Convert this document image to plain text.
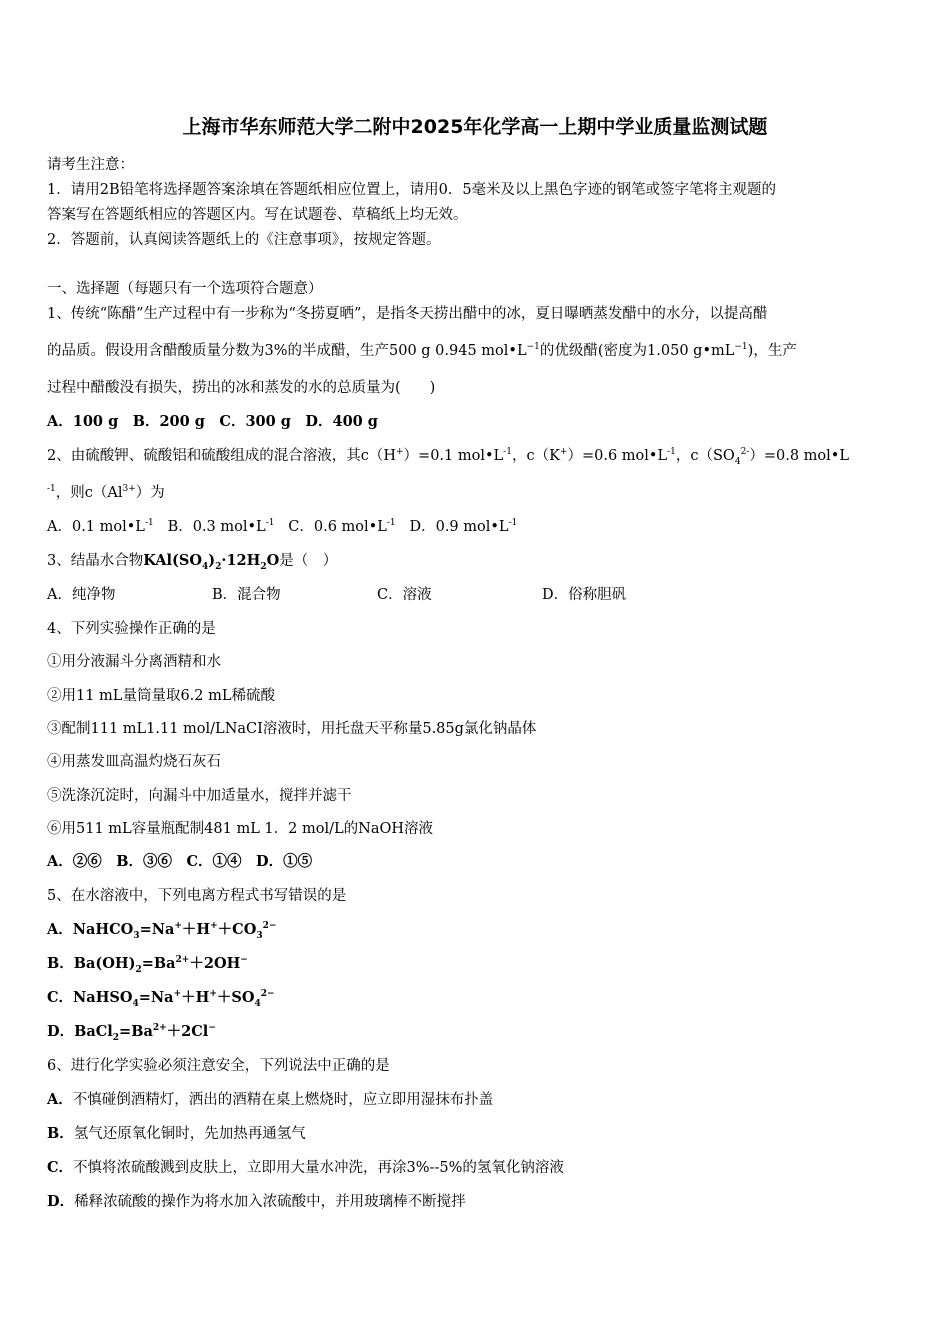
上海市华东师范大学二附中2025年化学高一上期中学业质量监测试题
请考生注意：
1．请用2B铅笔将选择题答案涂填在答题纸相应位置上，请用0．5毫米及以上黑色字迹的钢笔或签字笔将主观题的
答案写在答题纸相应的答题区内。写在试题卷、草稿纸上均无效。
2．答题前，认真阅读答题纸上的《注意事项》，按规定答题。
一、选择题（每题只有一个选项符合题意）
1、传统“陈醋”生产过程中有一步称为“冬捞夏晒”，是指冬天捞出醋中的冰，夏日曝晒蒸发醋中的水分，以提高醋
的品质。假设用含醋酸质量分数为3%的半成醋，生产500 g 0.945 $mol•L^{-1}$的优级醋(密度为1.050 $g•mL^{-1}$)，生产
过程中醋酸没有损失，捞出的冰和蒸发的水的总质量为(　　)
A．100 g　B．200 g　C．300 g　D．400 g
2、由硫酸钾、硫酸铝和硫酸组成的混合溶液，其c（H+）=0.1 $mol•L^{-1}$，c（K+）=0.6 $mol•L^{-1}$，$c(SO_4^{2-})=0.8$ mol•L
$^{-1}$，则$c(Al^{3+})$为
A．0.1 $mol•L^{-1}$ B．0.3 $mol•L^{-1}$ C．0.6 $mol•L^{-1}$ D．0.9 $mol•L^{-1}$
3、结晶水合物$KAl(SO_4)_2\cdot 12H_2O$是（　）
A．纯净物	B．混合物	C．溶液	D．俗称胆矾
4、下列实验操作正确的是
①用分液漏斗分离酒精和水
②用11 mL量筒量取6.2 mL稀硫酸
③配制111 mL1.11 mol/LNaCI溶液时，用托盘天平称量5.85g氯化钠晶体
④用蒸发皿高温灼烧石灰石
⑤洗涤沉淀时，向漏斗中加适量水，搅拌并滤干
⑥用511 mL容量瓶配制481 mL 1．2 mol/L的NaOH溶液
A．②⑥　B．③⑥　C．①④　D．①⑤
5、在水溶液中，下列电离方程式书写错误的是
A．$NaHCO_3=Na^++H^++CO_3^{2-}$
B．$Ba(OH)_2=Ba^{2+}+2OH^-$
C．$NaHSO_4=Na^++H^++SO_4^{2-}$
D．$BaCl_2=Ba^{2+}+2Cl^-$
6、进行化学实验必须注意安全，下列说法中正确的是
A．不慎碰倒酒精灯，洒出的酒精在桌上燃烧时，应立即用湿抹布扑盖
B．氢气还原氧化铜时，先加热再通氢气
C．不慎将浓硫酸溅到皮肤上，立即用大量水冲洗，再涂3%--5%的氢氧化钠溶液
D．稀释浓硫酸的操作为将水加入浓硫酸中，并用玻璃棒不断搅拌
